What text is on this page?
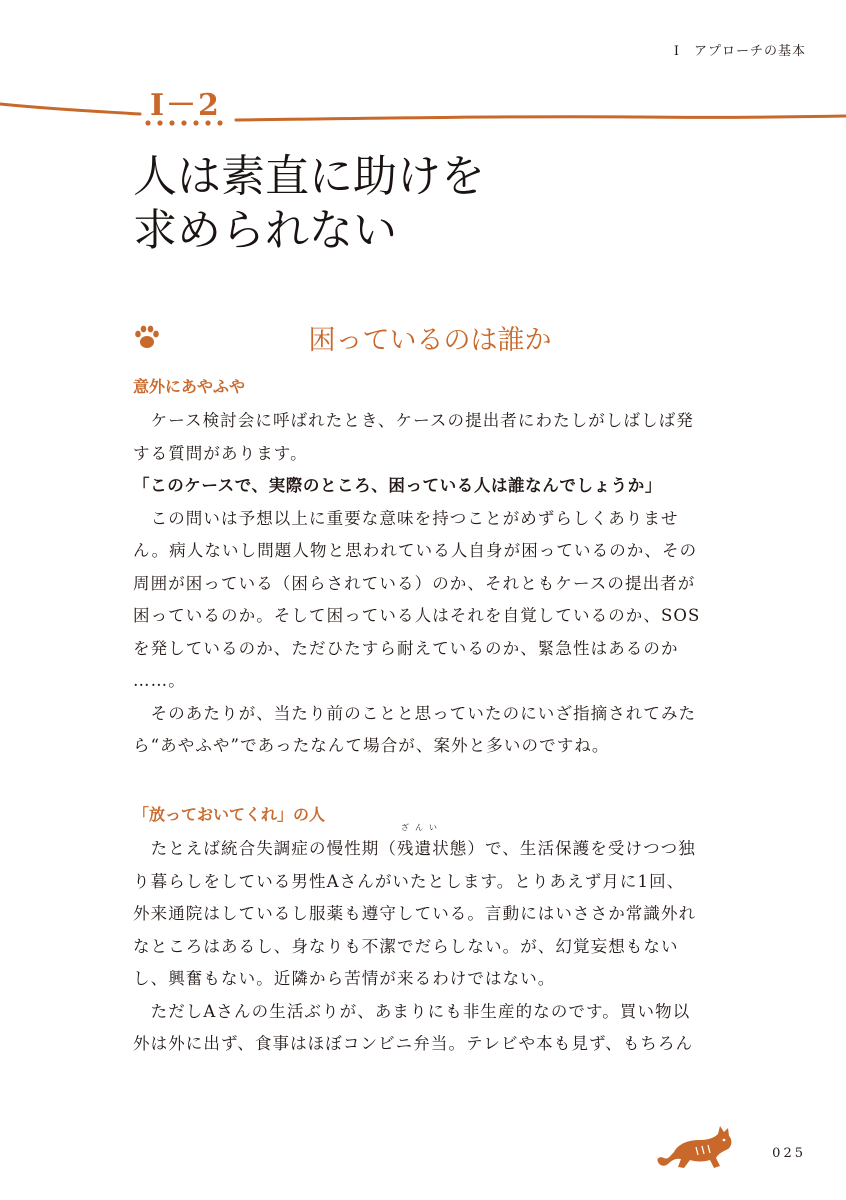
I　アプローチの基本
I－2
人は素直に助けを
求められない
困っているのは誰か
意外にあやふや
　ケース検討会に呼ばれたとき、ケースの提出者にわたしがしばしば発
する質問があります。
「このケースで、実際のところ、困っている人は誰なんでしょうか」
　この問いは予想以上に重要な意味を持つことがめずらしくありませ
ん。病人ないし問題人物と思われている人自身が困っているのか、その
周囲が困っている（困らされている）のか、それともケースの提出者が
困っているのか。そして困っている人はそれを自覚しているのか、SOS
を発しているのか、ただひたすら耐えているのか、緊急性はあるのか
……。
　そのあたりが、当たり前のことと思っていたのにいざ指摘されてみた
ら“あやふや”であったなんて場合が、案外と多いのですね。
「放っておいてくれ」の人
　たとえば統合失調症の慢性期（
ざんい
残遺状態）で、生活保護を受けつつ独
り暮らしをしている男性Aさんがいたとします。とりあえず月に1回、
外来通院はしているし服薬も遵守している。言動にはいささか常識外れ
なところはあるし、身なりも不潔でだらしない。が、幻覚妄想もない
し、興奮もない。近隣から苦情が来るわけではない。
　ただしAさんの生活ぶりが、あまりにも非生産的なのです。買い物以
外は外に出ず、食事はほぼコンビニ弁当。テレビや本も見ず、もちろん
025
